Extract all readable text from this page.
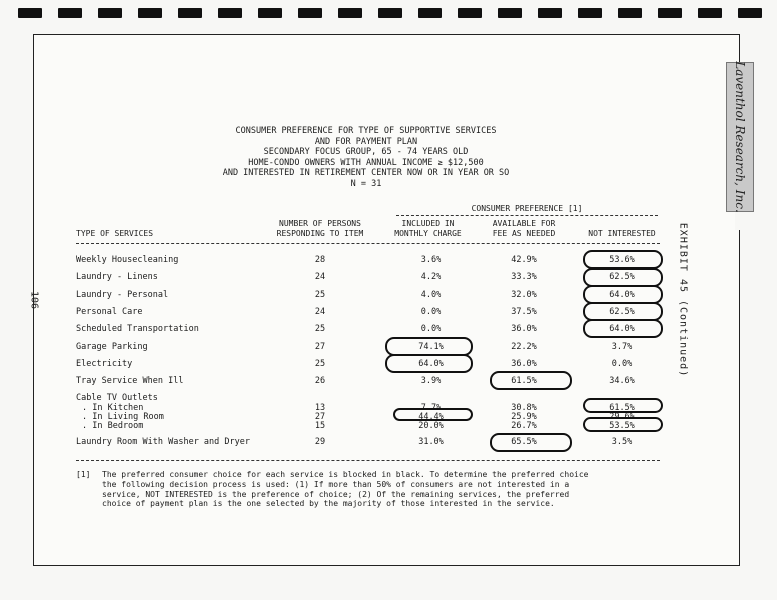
Laventhol Research, Inc.
106	EXHIBIT 45 (Continued)
CONSUMER PREFERENCE FOR TYPE OF SUPPORTIVE SERVICES
AND FOR PAYMENT PLAN
SECONDARY FOCUS GROUP, 65 - 74 YEARS OLD
HOME-CONDO OWNERS WITH ANNUAL INCOME ≥ $12,500
AND INTERESTED IN RETIREMENT CENTER NOW OR IN YEAR OR SO
N = 31
CONSUMER PREFERENCE [1]
TYPE OF SERVICES
NUMBER OF PERSONS
RESPONDING TO ITEM
INCLUDED IN
MONTHLY CHARGE
AVAILABLE FOR
FEE AS NEEDED	NOT INTERESTED
Weekly Housecleaning	28	3.6%	42.9%	53.6%
Laundry - Linens	24	4.2%	33.3%	62.5%
Laundry - Personal	25	4.0%	32.0%	64.0%
Personal Care	24	0.0%	37.5%	62.5%
Scheduled Transportation	25	0.0%	36.0%	64.0%
Garage Parking	27	74.1%	22.2%	3.7%
Electricity	25	64.0%	36.0%	0.0%
Tray Service When Ill	26	3.9%	61.5%	34.6%
Cable TV Outlets
. In Kitchen	13	7.7%	30.8%	61.5%
. In Living Room	27	44.4%	25.9%	29.6%
. In Bedroom	15	20.0%	26.7%	53.5%
Laundry Room With Washer and Dryer	29	31.0%	65.5%	3.5%
[1] The preferred consumer choice for each service is blocked in black. To determine the preferred choice
the following decision process is used: (1) If more than 50% of consumers are not interested in a
service, NOT INTERESTED is the preference of choice; (2) Of the remaining services, the preferred
choice of payment plan is the one selected by the majority of those interested in the service.
